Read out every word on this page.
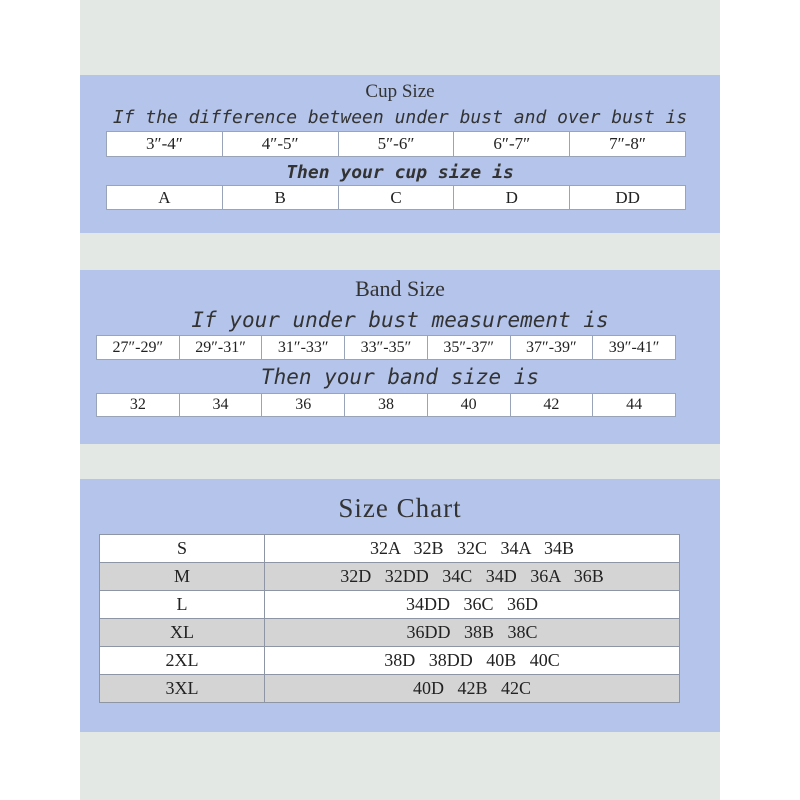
Cup Size
If the difference between under bust and over bust is
3″-4″	4″-5″	5″-6″	6″-7″	7″-8″
Then your cup size is
A	B	C	D	DD
Band Size
If your under bust measurement is
27″-29″	29″-31″	31″-33″	33″-35″	35″-37″	37″-39″	39″-41″
Then your band size is
32	34	36	38	40	42	44
Size Chart
S	32A   32B   32C   34A   34B
M	32D   32DD   34C   34D   36A   36B
L	34DD   36C   36D
XL	36DD   38B   38C
2XL	38D   38DD   40B   40C
3XL	40D   42B   42C
